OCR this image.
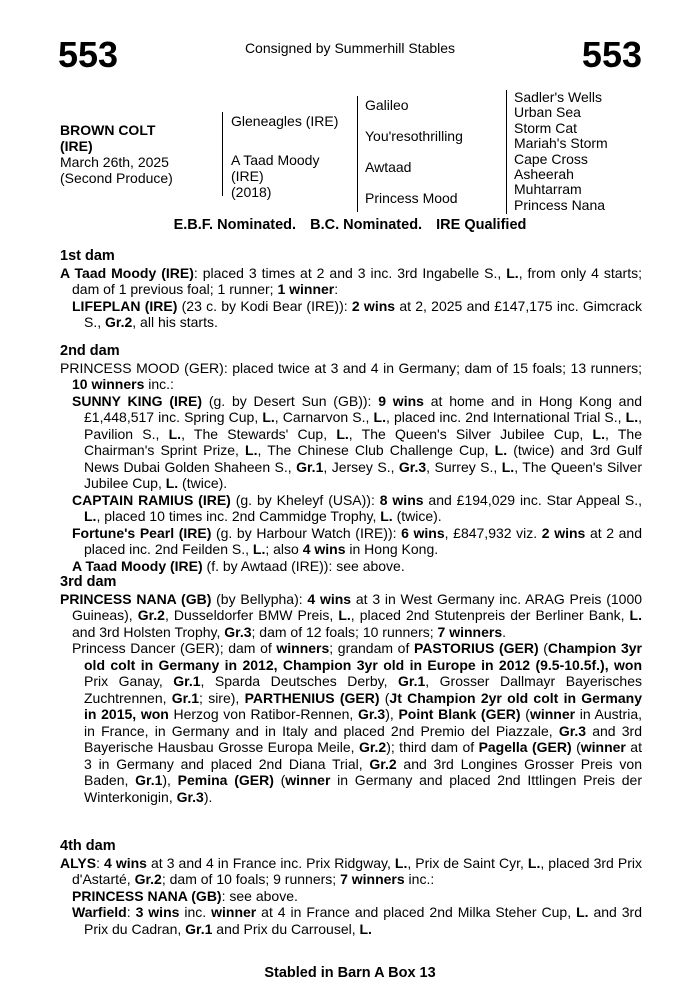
553	Consigned by Summerhill Stables	553
BROWN COLT
(IRE)
March 26th, 2025
(Second Produce)
Gleneagles (IRE)
A Taad Moody
(IRE)
(2018)
Galileo
You'resothrilling
Awtaad
Princess Mood
Sadler's Wells
Urban Sea
Storm Cat
Mariah's Storm
Cape Cross
Asheerah
Muhtarram
Princess Nana
E.B.F. Nominated. B.C. Nominated. IRE Qualified
1st dam

A Taad Moody (IRE): placed 3 times at 2 and 3 inc. 3rd Ingabelle S., L., from only 4 starts; dam of 1 previous foal; 1 runner; 1 winner:

LIFEPLAN (IRE) (23 c. by Kodi Bear (IRE)): 2 wins at 2, 2025 and £147,175 inc. Gimcrack S., Gr.2, all his starts.

2nd dam

PRINCESS MOOD (GER): placed twice at 3 and 4 in Germany; dam of 15 foals; 13 runners; 10 winners inc.:

SUNNY KING (IRE) (g. by Desert Sun (GB)): 9 wins at home and in Hong Kong and £1,448,517 inc. Spring Cup, L., Carnarvon S., L., placed inc. 2nd International Trial S., L., Pavilion S., L., The Stewards' Cup, L., The Queen's Silver Jubilee Cup, L., The Chairman's Sprint Prize, L., The Chinese Club Challenge Cup, L. (twice) and 3rd Gulf News Dubai Golden Shaheen S., Gr.1, Jersey S., Gr.3, Surrey S., L., The Queen's Silver Jubilee Cup, L. (twice).

CAPTAIN RAMIUS (IRE) (g. by Kheleyf (USA)): 8 wins and £194,029 inc. Star Appeal S., L., placed 10 times inc. 2nd Cammidge Trophy, L. (twice).

Fortune's Pearl (IRE) (g. by Harbour Watch (IRE)): 6 wins, £847,932 viz. 2 wins at 2 and placed inc. 2nd Feilden S., L.; also 4 wins in Hong Kong.

A Taad Moody (IRE) (f. by Awtaad (IRE)): see above.

3rd dam

PRINCESS NANA (GB) (by Bellypha): 4 wins at 3 in West Germany inc. ARAG Preis (1000 Guineas), Gr.2, Dusseldorfer BMW Preis, L., placed 2nd Stutenpreis der Berliner Bank, L. and 3rd Holsten Trophy, Gr.3; dam of 12 foals; 10 runners; 7 winners.

Princess Dancer (GER); dam of winners; grandam of PASTORIUS (GER) (Champion 3yr old colt in Germany in 2012, Champion 3yr old in Europe in 2012 (9.5-10.5f.), won Prix Ganay, Gr.1, Sparda Deutsches Derby, Gr.1, Grosser Dallmayr Bayerisches Zuchtrennen, Gr.1; sire), PARTHENIUS (GER) (Jt Champion 2yr old colt in Germany in 2015, won Herzog von Ratibor-Rennen, Gr.3), Point Blank (GER) (winner in Austria, in France, in Germany and in Italy and placed 2nd Premio del Piazzale, Gr.3 and 3rd Bayerische Hausbau Grosse Europa Meile, Gr.2); third dam of Pagella (GER) (winner at 3 in Germany and placed 2nd Diana Trial, Gr.2 and 3rd Longines Grosser Preis von Baden, Gr.1), Pemina (GER) (winner in Germany and placed 2nd Ittlingen Preis der Winterkonigin, Gr.3).

4th dam

ALYS: 4 wins at 3 and 4 in France inc. Prix Ridgway, L., Prix de Saint Cyr, L., placed 3rd Prix d'Astarté, Gr.2; dam of 10 foals; 9 runners; 7 winners inc.:

PRINCESS NANA (GB): see above.

Warfield: 3 wins inc. winner at 4 in France and placed 2nd Milka Steher Cup, L. and 3rd Prix du Cadran, Gr.1 and Prix du Carrousel, L.

Stabled in Barn A Box 13
